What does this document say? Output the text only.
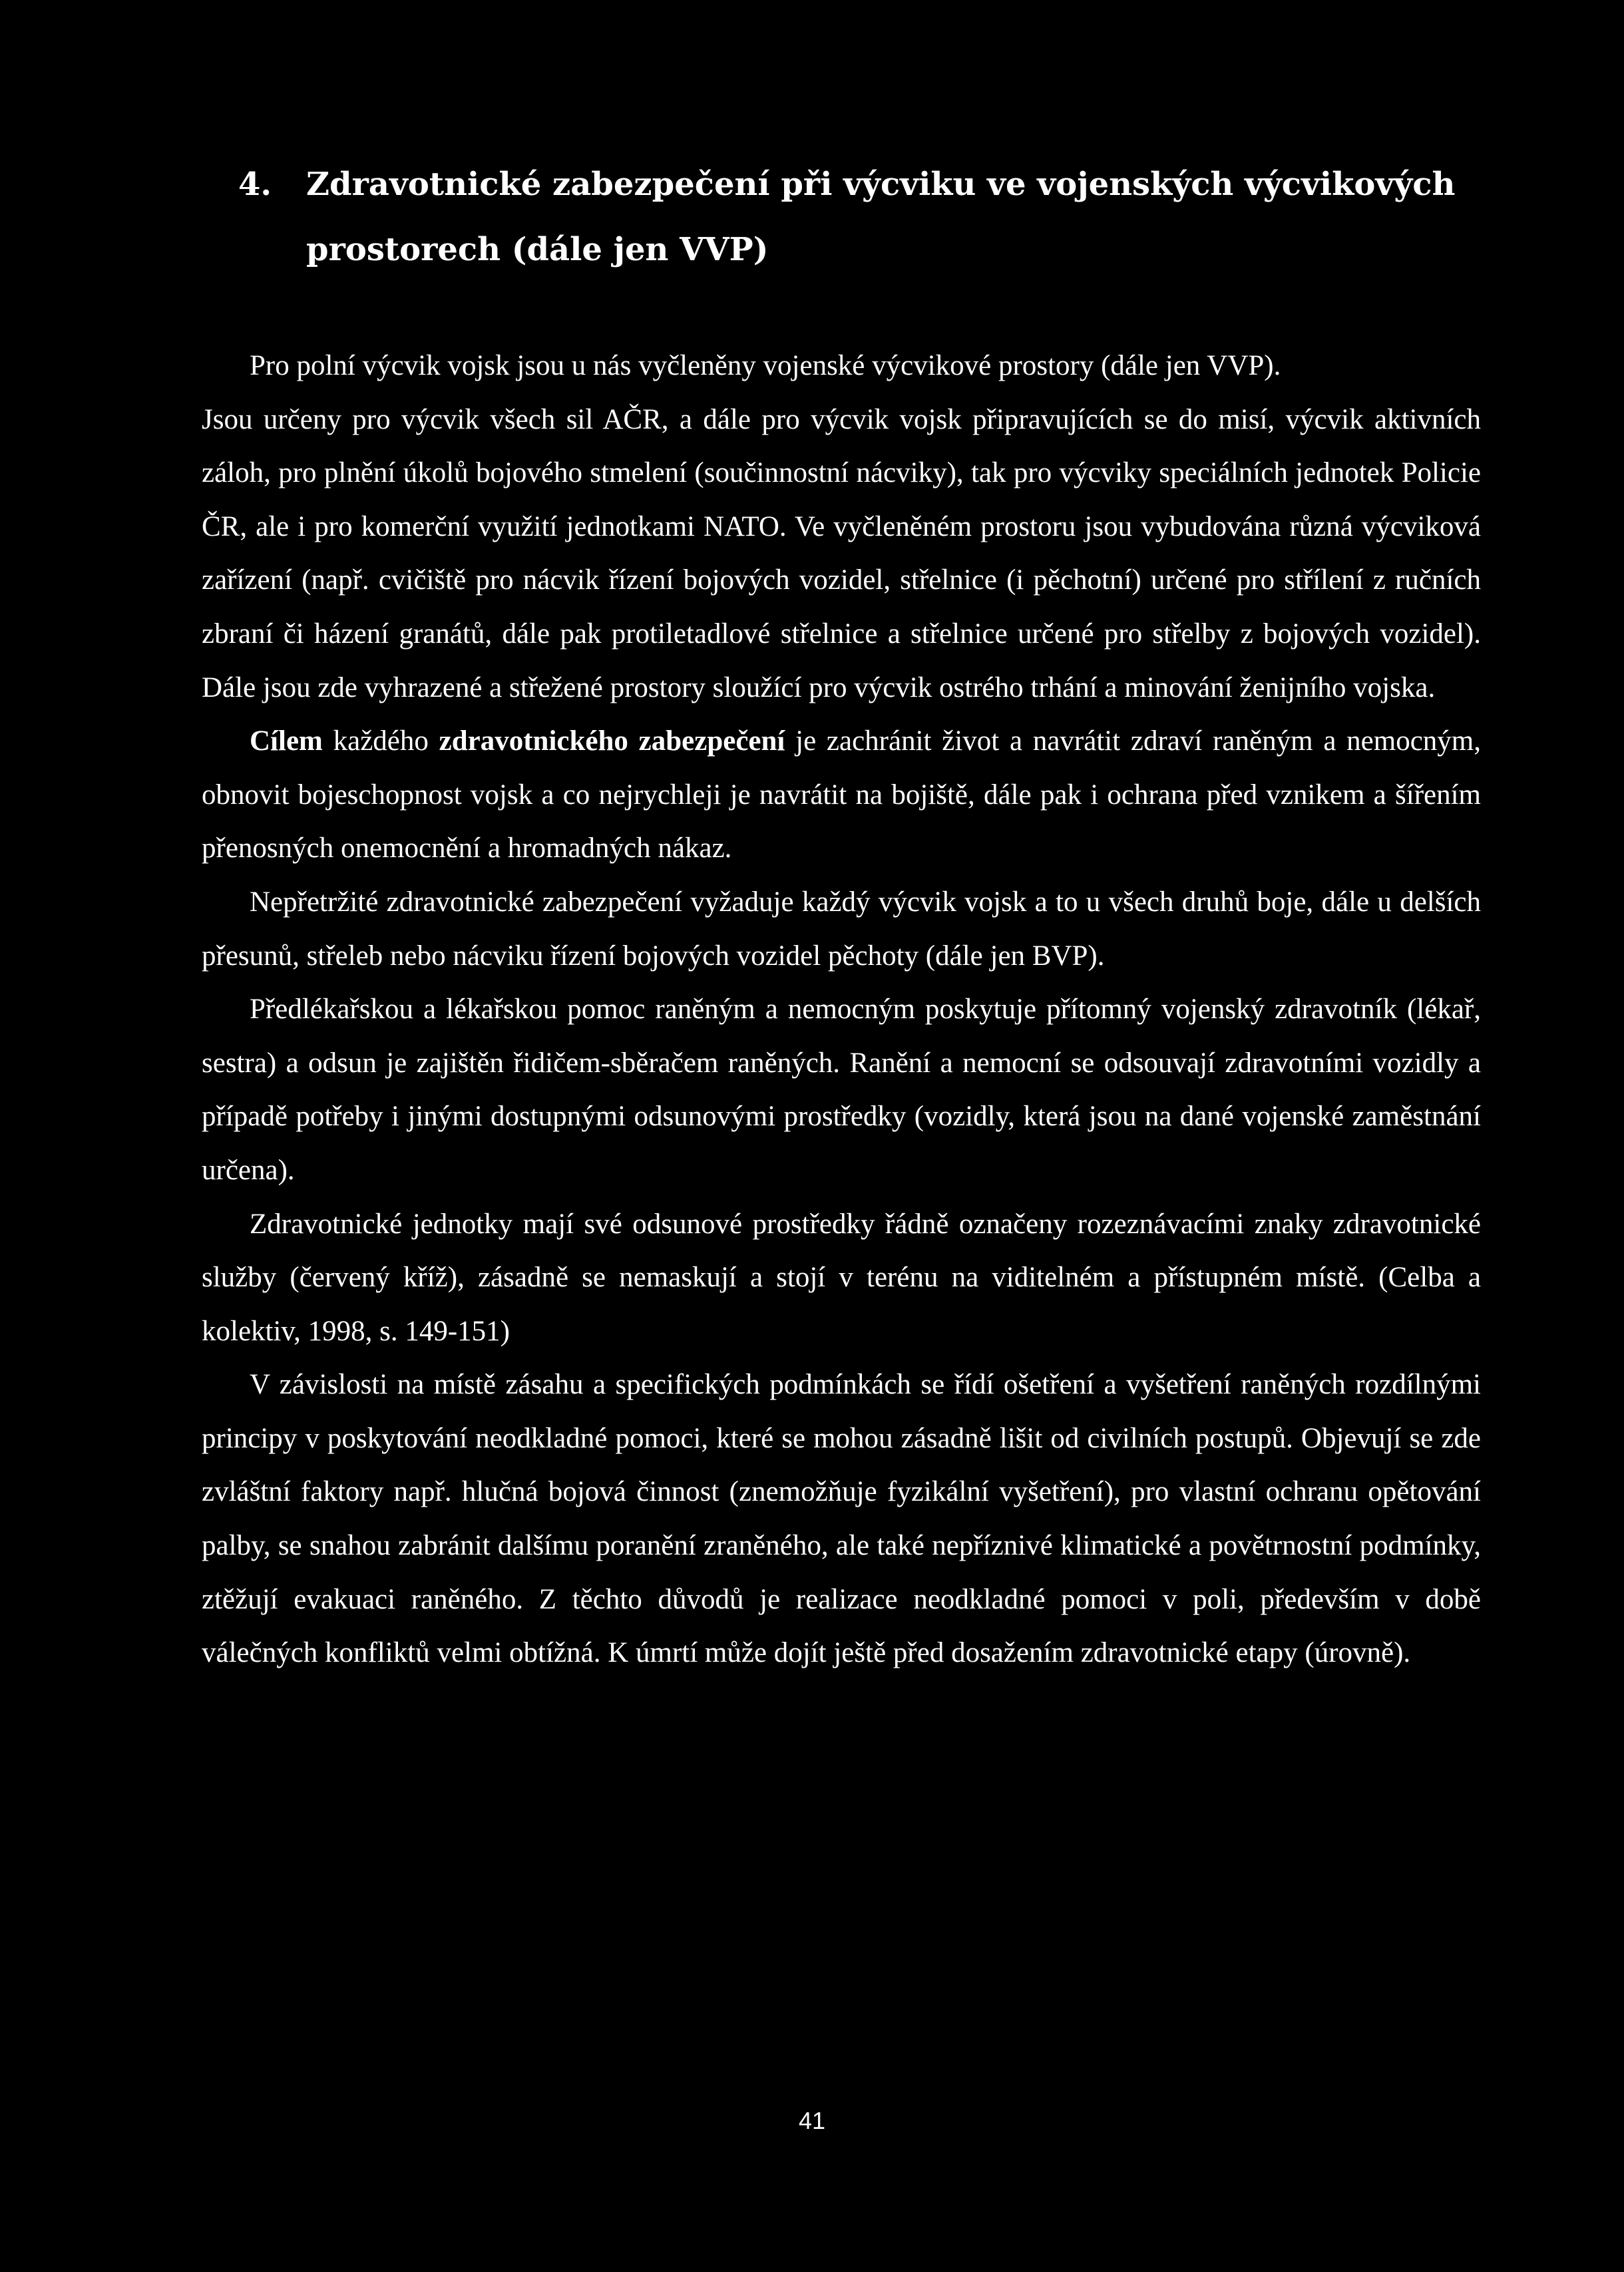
4. Zdravotnické zabezpečení při výcviku ve vojenských výcvikových
prostorech (dále jen VVP)

Pro polní výcvik vojsk jsou u nás vyčleněny vojenské výcvikové prostory (dále jen VVP).

Jsou určeny pro výcvik všech sil AČR, a dále pro výcvik vojsk připravujících se do misí, výcvik aktivních záloh, pro plnění úkolů bojového stmelení (součinnostní nácviky), tak pro výcviky speciálních jednotek Policie ČR, ale i pro komerční využití jednotkami NATO. Ve vyčleněném prostoru jsou vybudována různá výcviková zařízení (např. cvičiště pro nácvik řízení bojových vozidel, střelnice (i pěchotní) určené pro střílení z ručních zbraní či házení granátů, dále pak protiletadlové střelnice a střelnice určené pro střelby z bojových vozidel). Dále jsou zde vyhrazené a střežené prostory sloužící pro výcvik ostrého trhání a minování ženijního vojska.

Cílem každého zdravotnického zabezpečení je zachránit život a navrátit zdraví raněným a nemocným, obnovit bojeschopnost vojsk a co nejrychleji je navrátit na bojiště, dále pak i ochrana před vznikem a šířením přenosných onemocnění a hromadných nákaz.

Nepřetržité zdravotnické zabezpečení vyžaduje každý výcvik vojsk a to u všech druhů boje, dále u delších přesunů, střeleb nebo nácviku řízení bojových vozidel pěchoty (dále jen BVP).

Předlékařskou a lékařskou pomoc raněným a nemocným poskytuje přítomný vojenský zdravotník (lékař, sestra) a odsun je zajištěn řidičem-sběračem raněných. Ranění a nemocní se odsouvají zdravotními vozidly a případě potřeby i jinými dostupnými odsunovými prostředky (vozidly, která jsou na dané vojenské zaměstnání určena).

Zdravotnické jednotky mají své odsunové prostředky řádně označeny rozeznávacími znaky zdravotnické služby (červený kříž), zásadně se nemaskují a stojí v terénu na viditelném a přístupném místě. (Celba a kolektiv, 1998, s. 149-151)

V závislosti na místě zásahu a specifických podmínkách se řídí ošetření a vyšetření raněných rozdílnými principy v poskytování neodkladné pomoci, které se mohou zásadně lišit od civilních postupů. Objevují se zde zvláštní faktory např. hlučná bojová činnost (znemožňuje fyzikální vyšetření), pro vlastní ochranu opětování palby, se snahou zabránit dalšímu poranění zraněného, ale také nepříznivé klimatické a povětrnostní podmínky, ztěžují evakuaci raněného. Z těchto důvodů je realizace neodkladné pomoci v poli, především v době válečných konfliktů velmi obtížná. K úmrtí může dojít ještě před dosažením zdravotnické etapy (úrovně).

41
